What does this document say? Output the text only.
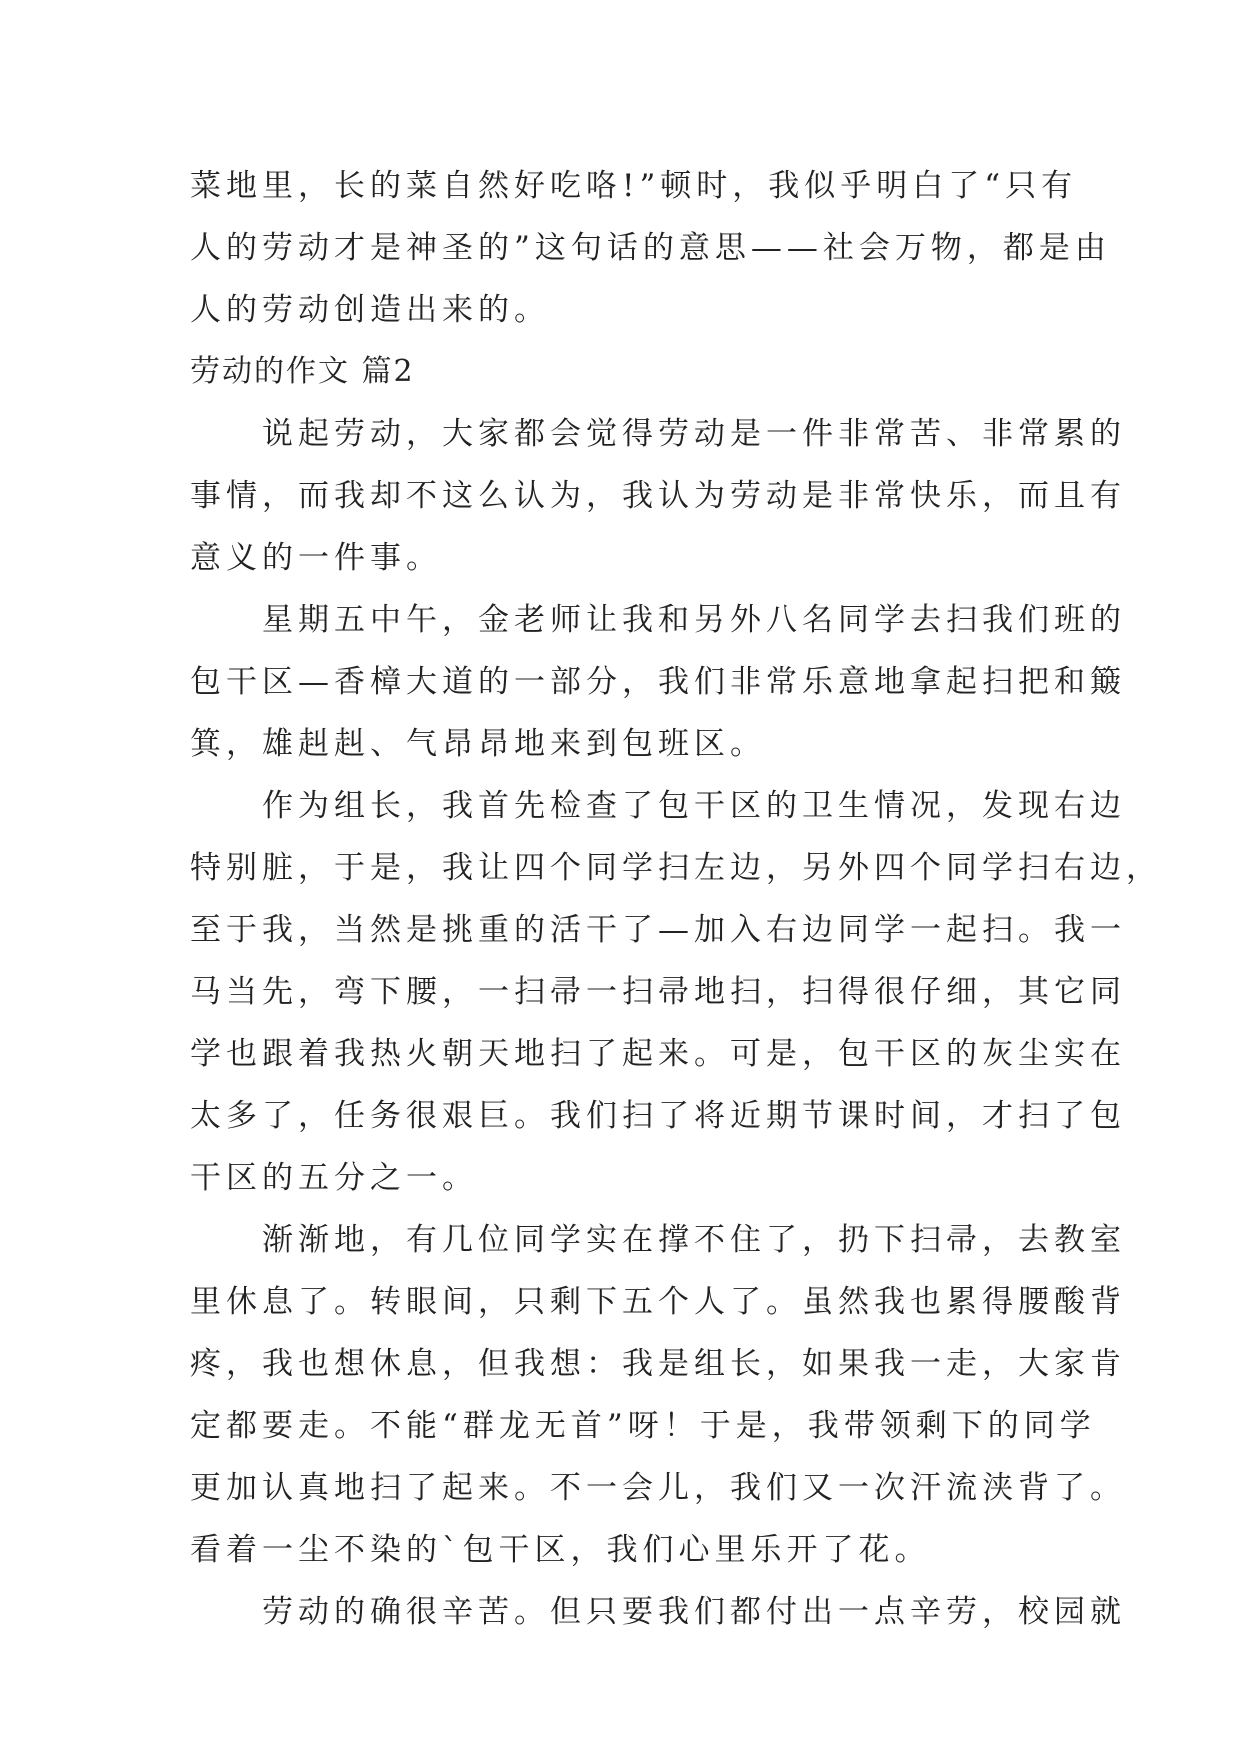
菜地里，长的菜自然好吃咯!”顿时，我似乎明白了“只有
人的劳动才是神圣的”这句话的意思——社会万物，都是由
人的劳动创造出来的。
劳动的作文 篇2
　　说起劳动，大家都会觉得劳动是一件非常苦、非常累的
事情，而我却不这么认为，我认为劳动是非常快乐，而且有
意义的一件事。
　　星期五中午，金老师让我和另外八名同学去扫我们班的
包干区—香樟大道的一部分，我们非常乐意地拿起扫把和簸
箕，雄赳赳、气昂昂地来到包班区。
　　作为组长，我首先检查了包干区的卫生情况，发现右边
特别脏，于是，我让四个同学扫左边，另外四个同学扫右边，
至于我，当然是挑重的活干了—加入右边同学一起扫。我一
马当先，弯下腰，一扫帚一扫帚地扫，扫得很仔细，其它同
学也跟着我热火朝天地扫了起来。可是，包干区的灰尘实在
太多了，任务很艰巨。我们扫了将近期节课时间，才扫了包
干区的五分之一。
　　渐渐地，有几位同学实在撑不住了，扔下扫帚，去教室
里休息了。转眼间，只剩下五个人了。虽然我也累得腰酸背
疼，我也想休息，但我想：我是组长，如果我一走，大家肯
定都要走。不能“群龙无首”呀！于是，我带领剩下的同学
更加认真地扫了起来。不一会儿，我们又一次汗流浃背了。
看着一尘不染的`包干区，我们心里乐开了花。
　　劳动的确很辛苦。但只要我们都付出一点辛劳，校园就
